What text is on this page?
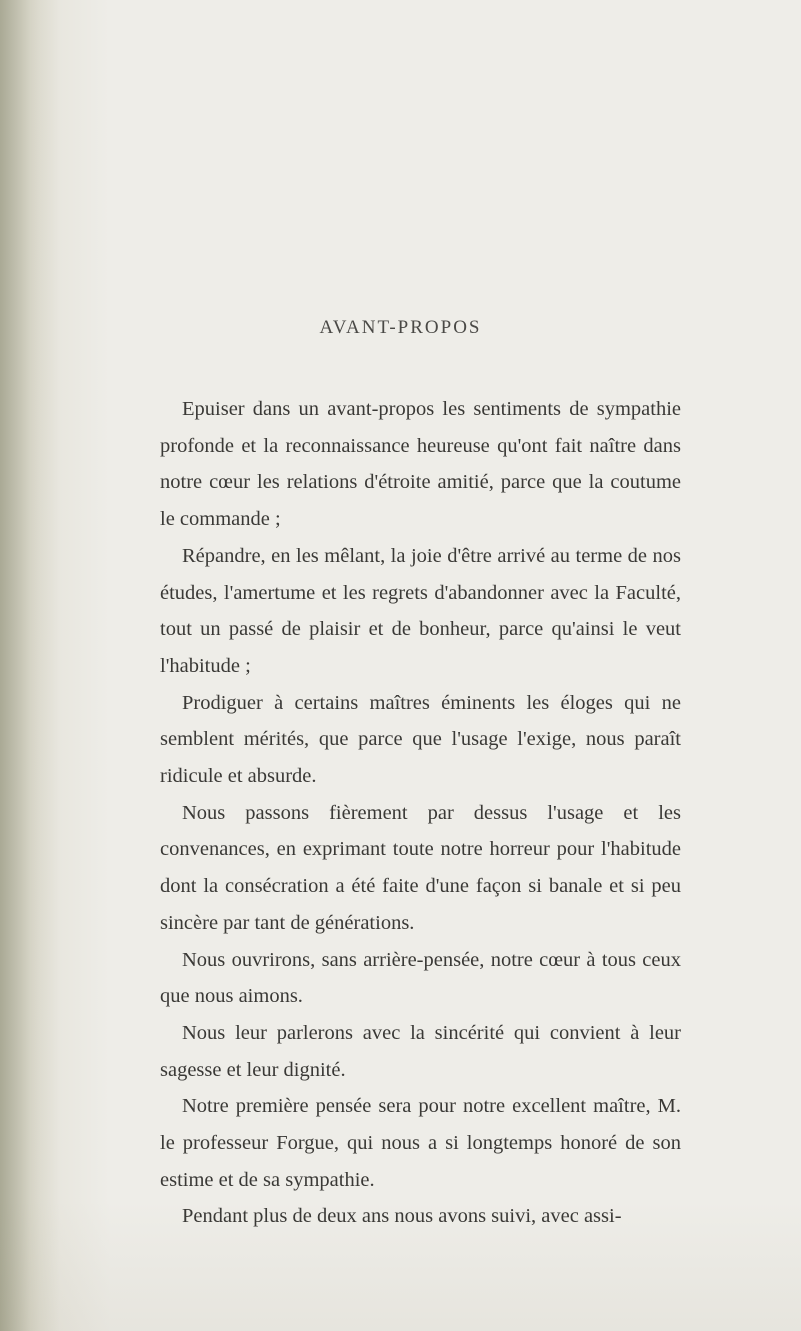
AVANT-PROPOS

Epuiser dans un avant-propos les sentiments de sympathie profonde et la reconnaissance heureuse qu'ont fait naître dans notre cœur les relations d'étroite amitié, parce que la coutume le commande ;

Répandre, en les mêlant, la joie d'être arrivé au terme de nos études, l'amertume et les regrets d'abandonner avec la Faculté, tout un passé de plaisir et de bonheur, parce qu'ainsi le veut l'habitude ;

Prodiguer à certains maîtres éminents les éloges qui ne semblent mérités, que parce que l'usage l'exige, nous paraît ridicule et absurde.

Nous passons fièrement par dessus l'usage et les convenances, en exprimant toute notre horreur pour l'habitude dont la consécration a été faite d'une façon si banale et si peu sincère par tant de générations.

Nous ouvrirons, sans arrière-pensée, notre cœur à tous ceux que nous aimons.

Nous leur parlerons avec la sincérité qui convient à leur sagesse et leur dignité.

Notre première pensée sera pour notre excellent maître, M. le professeur Forgue, qui nous a si longtemps honoré de son estime et de sa sympathie.

Pendant plus de deux ans nous avons suivi, avec assi-
